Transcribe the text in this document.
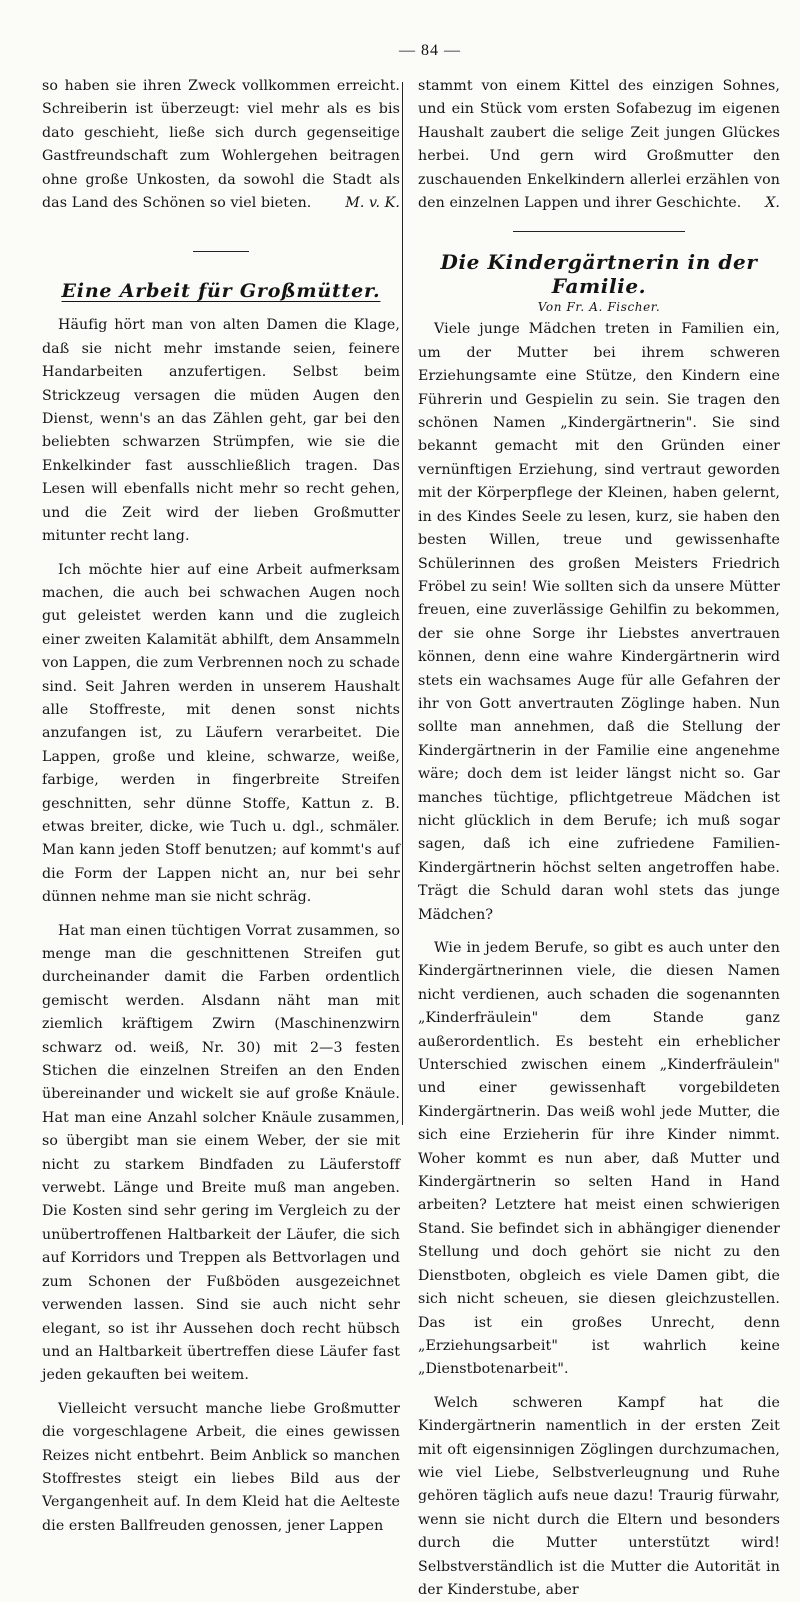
— 84 —

so haben sie ihren Zweck vollkommen erreicht. Schreiberin ist überzeugt: viel mehr als es bis dato geschieht, ließe sich durch gegenseitige Gastfreundschaft zum Wohlergehen beitragen ohne große Unkosten, da sowohl die Stadt als das Land des Schönen so viel bieten. M. v. K.

Eine Arbeit für Großmütter.

Häufig hört man von alten Damen die Klage, daß sie nicht mehr imstande seien, feinere Handarbeiten anzufertigen. Selbst beim Strickzeug versagen die müden Augen den Dienst, wenn's an das Zählen geht, gar bei den beliebten schwarzen Strümpfen, wie sie die Enkelkinder fast ausschließlich tragen. Das Lesen will ebenfalls nicht mehr so recht gehen, und die Zeit wird der lieben Großmutter mitunter recht lang.

Ich möchte hier auf eine Arbeit aufmerksam machen, die auch bei schwachen Augen noch gut geleistet werden kann und die zugleich einer zweiten Kalamität abhilft, dem Ansammeln von Lappen, die zum Verbrennen noch zu schade sind. Seit Jahren werden in unserem Haushalt alle Stoffreste, mit denen sonst nichts anzufangen ist, zu Läufern verarbeitet. Die Lappen, große und kleine, schwarze, weiße, farbige, werden in fingerbreite Streifen geschnitten, sehr dünne Stoffe, Kattun z. B. etwas breiter, dicke, wie Tuch u. dgl., schmäler. Man kann jeden Stoff benutzen; auf kommt's auf die Form der Lappen nicht an, nur bei sehr dünnen nehme man sie nicht schräg.

Hat man einen tüchtigen Vorrat zusammen, so menge man die geschnittenen Streifen gut durcheinander damit die Farben ordentlich gemischt werden. Alsdann näht man mit ziemlich kräftigem Zwirn (Maschinenzwirn schwarz od. weiß, Nr. 30) mit 2—3 festen Stichen die einzelnen Streifen an den Enden übereinander und wickelt sie auf große Knäule. Hat man eine Anzahl solcher Knäule zusammen, so übergibt man sie einem Weber, der sie mit nicht zu starkem Bindfaden zu Läuferstoff verwebt. Länge und Breite muß man angeben. Die Kosten sind sehr gering im Vergleich zu der unübertroffenen Haltbarkeit der Läufer, die sich auf Korridors und Treppen als Bettvorlagen und zum Schonen der Fußböden ausgezeichnet verwenden lassen. Sind sie auch nicht sehr elegant, so ist ihr Aussehen doch recht hübsch und an Haltbarkeit übertreffen diese Läufer fast jeden gekauften bei weitem.

Vielleicht versucht manche liebe Großmutter die vorgeschlagene Arbeit, die eines gewissen Reizes nicht entbehrt. Beim Anblick so manchen Stoffrestes steigt ein liebes Bild aus der Vergangenheit auf. In dem Kleid hat die Aelteste die ersten Ballfreuden genossen, jener Lappen

stammt von einem Kittel des einzigen Sohnes, und ein Stück vom ersten Sofabezug im eigenen Haushalt zaubert die selige Zeit jungen Glückes herbei. Und gern wird Großmutter den zuschauenden Enkelkindern allerlei erzählen von den einzelnen Lappen und ihrer Geschichte. X.

Die Kindergärtnerin in der Familie.
Von Fr. A. Fischer.

Viele junge Mädchen treten in Familien ein, um der Mutter bei ihrem schweren Erziehungsamte eine Stütze, den Kindern eine Führerin und Gespielin zu sein. Sie tragen den schönen Namen „Kindergärtnerin". Sie sind bekannt gemacht mit den Gründen einer vernünftigen Erziehung, sind vertraut geworden mit der Körperpflege der Kleinen, haben gelernt, in des Kindes Seele zu lesen, kurz, sie haben den besten Willen, treue und gewissenhafte Schülerinnen des großen Meisters Friedrich Fröbel zu sein! Wie sollten sich da unsere Mütter freuen, eine zuverlässige Gehilfin zu bekommen, der sie ohne Sorge ihr Liebstes anvertrauen können, denn eine wahre Kindergärtnerin wird stets ein wachsames Auge für alle Gefahren der ihr von Gott anvertrauten Zöglinge haben. Nun sollte man annehmen, daß die Stellung der Kindergärtnerin in der Familie eine angenehme wäre; doch dem ist leider längst nicht so. Gar manches tüchtige, pflichtgetreue Mädchen ist nicht glücklich in dem Berufe; ich muß sogar sagen, daß ich eine zufriedene Familien-Kindergärtnerin höchst selten angetroffen habe. Trägt die Schuld daran wohl stets das junge Mädchen?

Wie in jedem Berufe, so gibt es auch unter den Kindergärtnerinnen viele, die diesen Namen nicht verdienen, auch schaden die sogenannten „Kinderfräulein" dem Stande ganz außerordentlich. Es besteht ein erheblicher Unterschied zwischen einem „Kinderfräulein" und einer gewissenhaft vorgebildeten Kindergärtnerin. Das weiß wohl jede Mutter, die sich eine Erzieherin für ihre Kinder nimmt. Woher kommt es nun aber, daß Mutter und Kindergärtnerin so selten Hand in Hand arbeiten? Letztere hat meist einen schwierigen Stand. Sie befindet sich in abhängiger dienender Stellung und doch gehört sie nicht zu den Dienstboten, obgleich es viele Damen gibt, die sich nicht scheuen, sie diesen gleichzustellen. Das ist ein großes Unrecht, denn „Erziehungsarbeit" ist wahrlich keine „Dienstbotenarbeit".

Welch schweren Kampf hat die Kindergärtnerin namentlich in der ersten Zeit mit oft eigensinnigen Zöglingen durchzumachen, wie viel Liebe, Selbstverleugnung und Ruhe gehören täglich aufs neue dazu! Traurig fürwahr, wenn sie nicht durch die Eltern und besonders durch die Mutter unterstützt wird! Selbstverständlich ist die Mutter die Autorität in der Kinderstube, aber
